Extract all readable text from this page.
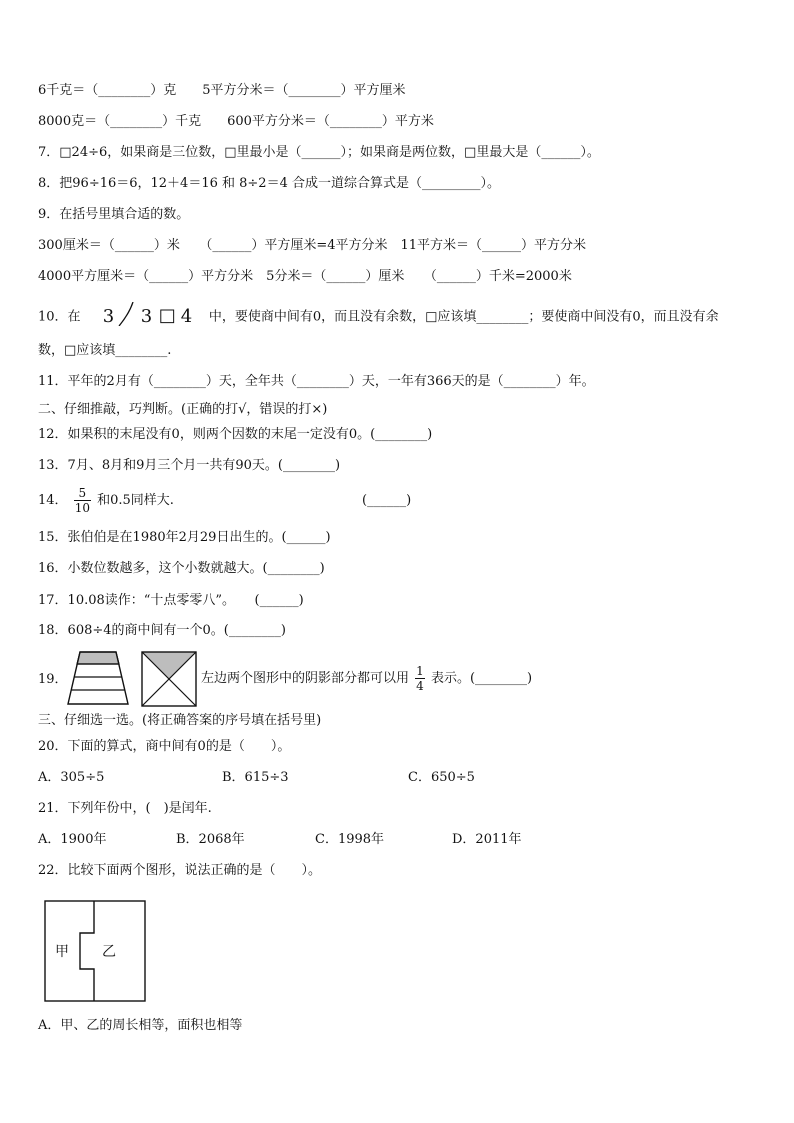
6千克＝（________）克　　5平方分米＝（________）平方厘米
8000克＝（________）千克　　600平方分米＝（________）平方米
7．□24÷6，如果商是三位数，□里最小是（______）；如果商是两位数，□里最大是（______）。
8．把96÷16＝6，12＋4＝16 和 8÷2＝4 合成一道综合算式是（_________）。
9．在括号里填合适的数。
300厘米＝（______）米　　（______）平方厘米=4平方分米　11平方米＝（______）平方分米
4000平方厘米＝（______）平方分米　5分米＝（______）厘米　　（______）千米=2000米
10．在 3 3 □ 4 中，要使商中间有0，而且没有余数，□应该填________；要使商中间没有0，而且没有余
数，□应该填________.
11．平年的2月有（________）天，全年共（________）天，一年有366天的是（________）年。
二、仔细推敲，巧判断。(正确的打√，错误的打×)
12．如果积的末尾没有0，则两个因数的末尾一定没有0。(________)
13．7月、8月和9月三个月一共有90天。(________)
14． $\frac{5}{10}$ 和0.5同样大.	(______)
15．张伯伯是在1980年2月29日出生的。(______)
16．小数位数越多，这个小数就越大。(________)
17．10.08读作：“十点零零八”。　　(______)
18．608÷4的商中间有一个0。(________)
19．	左边两个图形中的阴影部分都可以用 $\frac{1}{4}$ 表示。(________)
三、仔细选一选。(将正确答案的序号填在括号里)
20．下面的算式，商中间有0的是（　　）。
A．305÷5	B．615÷3	C．650÷5
21．下列年份中，(　)是闰年.
A．1900年	B．2068年	C．1998年	D．2011年
22．比较下面两个图形，说法正确的是（　　）。
甲 乙
A．甲、乙的周长相等，面积也相等
